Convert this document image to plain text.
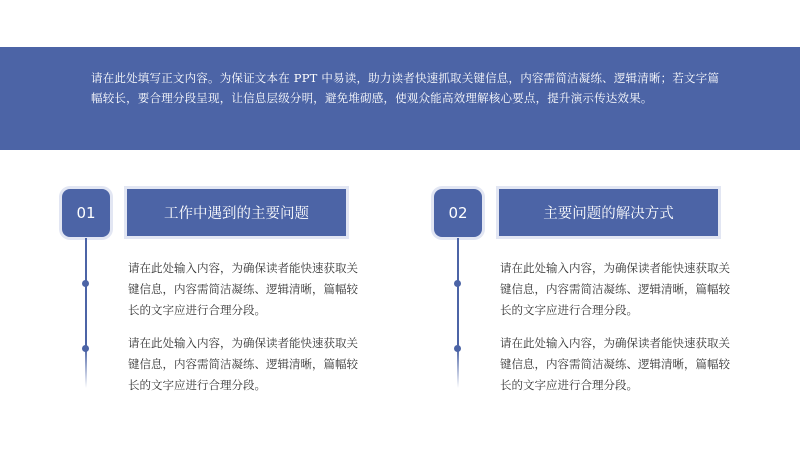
请在此处填写正文内容。为保证文本在 PPT 中易读，助力读者快速抓取关键信息，内容需简洁凝练、逻辑清晰；若文字篇幅较长，要合理分段呈现，让信息层级分明，避免堆砌感，使观众能高效理解核心要点，提升演示传达效果。

01	工作中遇到的主要问题

请在此处输入内容，为确保读者能快速获取关键信息，内容需简洁凝练、逻辑清晰，篇幅较长的文字应进行合理分段。

请在此处输入内容，为确保读者能快速获取关键信息，内容需简洁凝练、逻辑清晰，篇幅较长的文字应进行合理分段。

02	主要问题的解决方式

请在此处输入内容，为确保读者能快速获取关键信息，内容需简洁凝练、逻辑清晰，篇幅较长的文字应进行合理分段。

请在此处输入内容，为确保读者能快速获取关键信息，内容需简洁凝练、逻辑清晰，篇幅较长的文字应进行合理分段。
